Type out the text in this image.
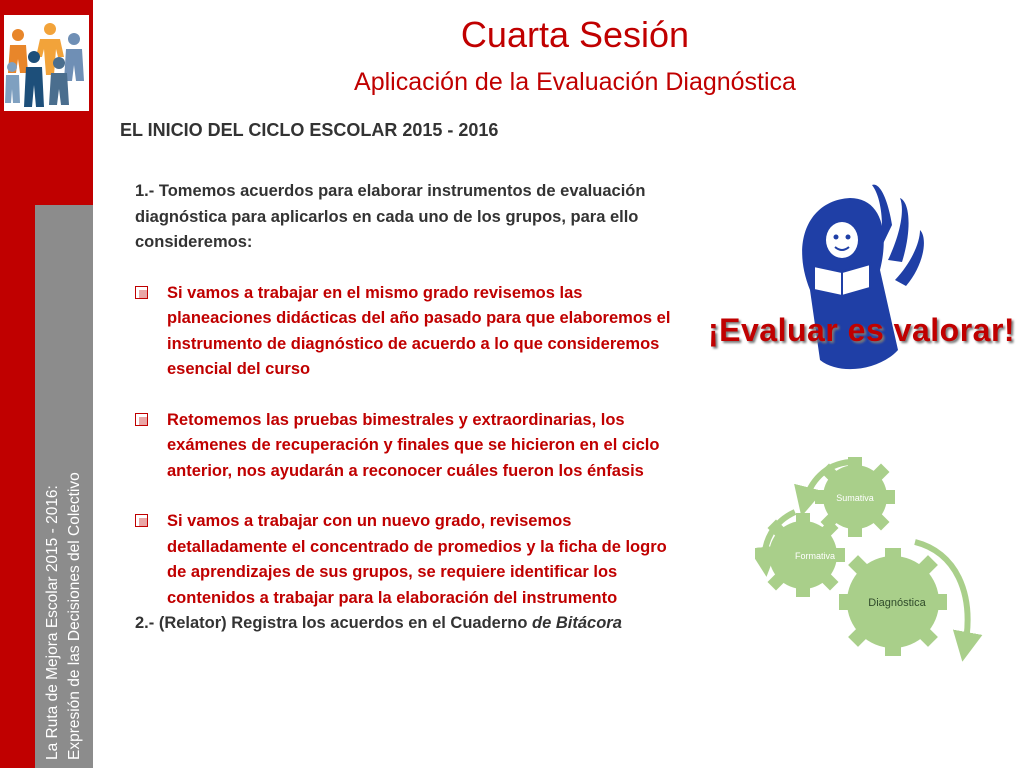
La Ruta de Mejora Escolar 2015 - 2016: Expresión de las Decisiones del Colectivo
Cuarta Sesión
Aplicación de la Evaluación Diagnóstica
EL INICIO DEL CICLO ESCOLAR 2015 - 2016

1.- Tomemos acuerdos para elaborar instrumentos de evaluación diagnóstica para aplicarlos en cada uno de los grupos, para ello consideremos:

Si vamos a trabajar en el mismo grado revisemos las planeaciones didácticas del año pasado para que elaboremos el instrumento de diagnóstico de acuerdo a lo que consideremos esencial del curso
Retomemos las pruebas bimestrales y extraordinarias, los exámenes de recuperación y finales que se hicieron en el ciclo anterior, nos ayudarán a reconocer cuáles fueron los énfasis
Si vamos a trabajar con un nuevo grado, revisemos detalladamente el concentrado de promedios y la ficha de logro de aprendizajes de sus grupos, se requiere identificar los contenidos a trabajar para la elaboración del instrumento

2.- (Relator) Registra los acuerdos en el Cuaderno de Bitácora

¡Evaluar es valorar!
Sumativa
Formativa
Diagnóstica
